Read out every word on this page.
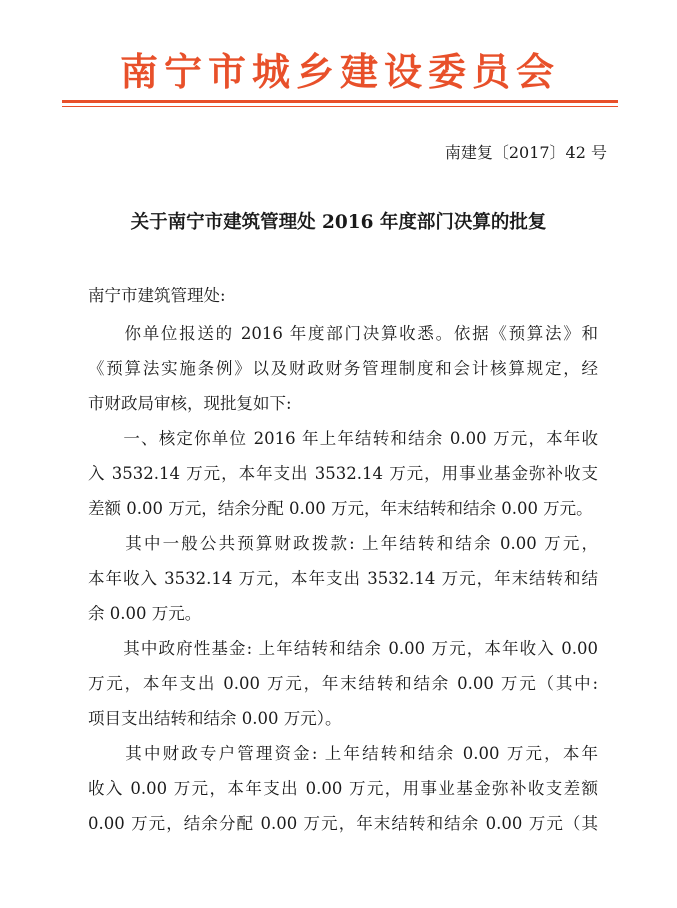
南宁市城乡建设委员会
南建复〔2017〕42 号
关于南宁市建筑管理处 2016 年度部门决算的批复
南宁市建筑管理处:
　　你单位报送的 2016 年度部门决算收悉。依据《预算法》和
《预算法实施条例》以及财政财务管理制度和会计核算规定，经
市财政局审核，现批复如下:
　　一、核定你单位 2016 年上年结转和结余 0.00 万元，本年收
入 3532.14 万元，本年支出 3532.14 万元，用事业基金弥补收支
差额 0.00 万元，结余分配 0.00 万元，年末结转和结余 0.00 万元。
　　其中一般公共预算财政拨款: 上年结转和结余 0.00 万元，
本年收入 3532.14 万元，本年支出 3532.14 万元，年末结转和结
余 0.00 万元。
　　其中政府性基金: 上年结转和结余 0.00 万元，本年收入 0.00
万元，本年支出 0.00 万元，年末结转和结余 0.00 万元（其中:
项目支出结转和结余 0.00 万元）。
　　其中财政专户管理资金: 上年结转和结余 0.00 万元，本年
收入 0.00 万元，本年支出 0.00 万元，用事业基金弥补收支差额
0.00 万元，结余分配 0.00 万元，年末结转和结余 0.00 万元（其
